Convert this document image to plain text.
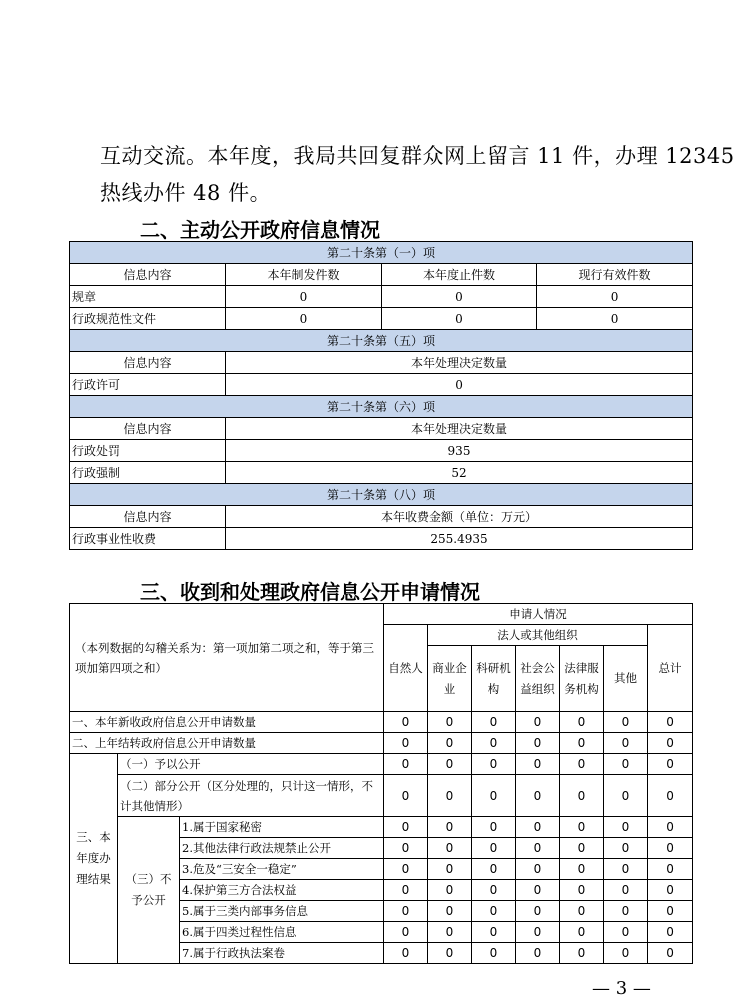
互动交流。本年度，我局共回复群众网上留言 11 件，办理 12345
热线办件 48 件。
二、主动公开政府信息情况
第二十条第（一）项			
信息内容	本年制发件数	本年度止件数	现行有效件数
规章	0	0	0
行政规范性文件	0	0	0
第二十条第（五）项			
信息内容	本年处理决定数量		
行政许可	0		
第二十条第（六）项			
信息内容	本年处理决定数量		
行政处罚	935		
行政强制	52		
第二十条第（八）项			
信息内容	本年收费金额（单位：万元）		
行政事业性收费	255.4935		
三、收到和处理政府信息公开申请情况
（本列数据的勾稽关系为：第一项加第二项之和，等于第三项加第四项之和）			申请人情况						
			自然人	法人或其他组织					总计
				商业企业	科研机构	社会公益组织	法律服务机构	其他	
一、本年新收政府信息公开申请数量			0	0	0	0	0	0	0
二、上年结转政府信息公开申请数量			0	0	0	0	0	0	0
三、本年度办理结果	（一）予以公开		0	0	0	0	0	0	0
	（二）部分公开（区分处理的，只计这一情形，不计其他情形）		0	0	0	0	0	0	0
	（三）不予公开	1.属于国家秘密	0	0	0	0	0	0	0
		2.其他法律行政法规禁止公开	0	0	0	0	0	0	0
		3.危及“三安全一稳定”	0	0	0	0	0	0	0
		4.保护第三方合法权益	0	0	0	0	0	0	0
		5.属于三类内部事务信息	0	0	0	0	0	0	0
		6.属于四类过程性信息	0	0	0	0	0	0	0
		7.属于行政执法案卷	0	0	0	0	0	0	0
— 3 —
